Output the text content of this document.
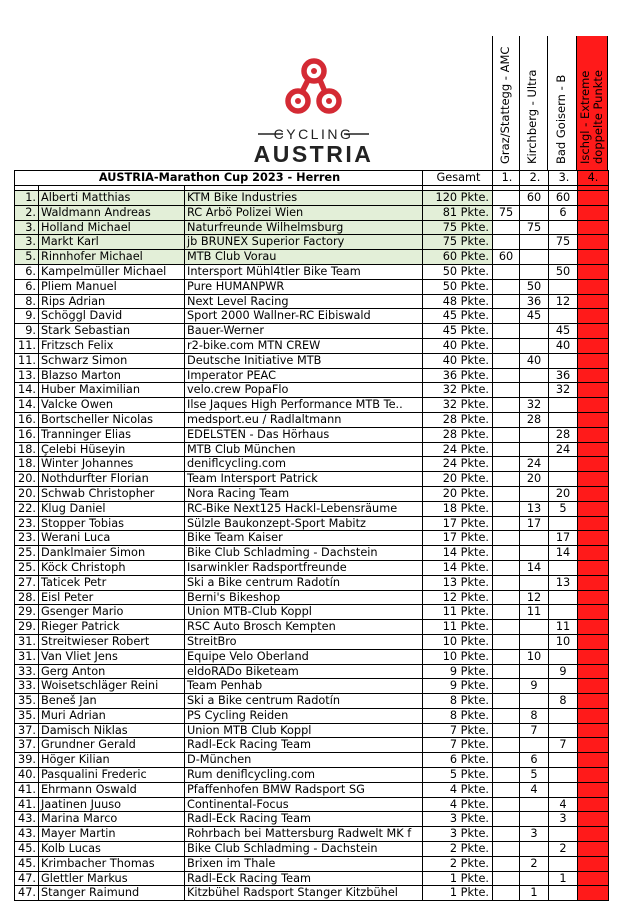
CYCLING
AUSTRIA	Graz/Stattegg - AMC Kirchberg - Ultra Bad Goisern - B Ischgl - Extreme doppelte Punkte
AUSTRIA-Marathon Cup 2023 - Herren			Gesamt	1.	2.	3.	4.

1.	Alberti Matthias	KTM Bike Industries	120 Pkte.		60	60	
2.	Waldmann Andreas	RC Arbö Polizei Wien	81 Pkte.	75		6	
3.	Holland Michael	Naturfreunde Wilhelmsburg	75 Pkte.		75		
3.	Markt Karl	jb BRUNEX Superior Factory	75 Pkte.			75	
5.	Rinnhofer Michael	MTB Club Vorau	60 Pkte.	60			
6.	Kampelmüller Michael	Intersport Mühl4tler Bike Team	50 Pkte.			50	
6.	Pliem Manuel	Pure HUMANPWR	50 Pkte.		50		
8.	Rips Adrian	Next Level Racing	48 Pkte.		36	12	
9.	Schöggl David	Sport 2000 Wallner-RC Eibiswald	45 Pkte.		45		
9.	Stark Sebastian	Bauer-Werner	45 Pkte.			45	
11.	Fritzsch Felix	r2-bike.com MTN CREW	40 Pkte.			40	
11.	Schwarz Simon	Deutsche Initiative MTB	40 Pkte.		40		
13.	Blazso Marton	Imperator PEAC	36 Pkte.			36	
14.	Huber Maximilian	velo.crew PopaFlo	32 Pkte.			32	
14.	Valcke Owen	Ilse Jaques High Performance MTB Te..	32 Pkte.		32		
16.	Bortscheller Nicolas	medsport.eu / Radlaltmann	28 Pkte.		28		
16.	Tranninger Elias	EDELSTEN - Das Hörhaus	28 Pkte.			28	
18.	Çelebi Hüseyin	MTB Club München	24 Pkte.			24	
18.	Winter Johannes	deniflcycling.com	24 Pkte.		24		
20.	Nothdurfter Florian	Team Intersport Patrick	20 Pkte.		20		
20.	Schwab Christopher	Nora Racing Team	20 Pkte.			20	
22.	Klug Daniel	RC-Bike Next125 Hackl-Lebensräume	18 Pkte.		13	5	
23.	Stopper Tobias	Sülzle Baukonzept-Sport Mabitz	17 Pkte.		17		
23.	Werani Luca	Bike Team Kaiser	17 Pkte.			17	
25.	Danklmaier Simon	Bike Club Schladming - Dachstein	14 Pkte.			14	
25.	Köck Christoph	Isarwinkler Radsportfreunde	14 Pkte.		14		
27.	Taticek Petr	Ski a Bike centrum Radotín	13 Pkte.			13	
28.	Eisl Peter	Berni's Bikeshop	12 Pkte.		12		
29.	Gsenger Mario	Union MTB-Club Koppl	11 Pkte.		11		
29.	Rieger Patrick	RSC Auto Brosch Kempten	11 Pkte.			11	
31.	Streitwieser Robert	StreitBro	10 Pkte.			10	
31.	Van Vliet Jens	Equipe Velo Oberland	10 Pkte.		10		
33.	Gerg Anton	eldoRADo Biketeam	9 Pkte.			9	
33.	Woisetschläger Reini	Team Penhab	9 Pkte.		9		
35.	Beneš Jan	Ski a Bike centrum Radotín	8 Pkte.			8	
35.	Muri Adrian	PS Cycling Reiden	8 Pkte.		8		
37.	Damisch Niklas	Union MTB Club Koppl	7 Pkte.		7		
37.	Grundner Gerald	Radl-Eck Racing Team	7 Pkte.			7	
39.	Höger Kilian	D-München	6 Pkte.		6		
40.	Pasqualini Frederic	Rum deniflcycling.com	5 Pkte.		5		
41.	Ehrmann Oswald	Pfaffenhofen BMW Radsport SG	4 Pkte.		4		
41.	Jaatinen Juuso	Continental-Focus	4 Pkte.			4	
43.	Marina Marco	Radl-Eck Racing Team	3 Pkte.			3	
43.	Mayer Martin	Rohrbach bei Mattersburg Radwelt MK f	3 Pkte.		3		
45.	Kolb Lucas	Bike Club Schladming - Dachstein	2 Pkte.			2	
45.	Krimbacher Thomas	Brixen im Thale	2 Pkte.		2		
47.	Glettler Markus	Radl-Eck Racing Team	1 Pkte.			1	
47.	Stanger Raimund	Kitzbühel Radsport Stanger Kitzbühel	1 Pkte.		1		
